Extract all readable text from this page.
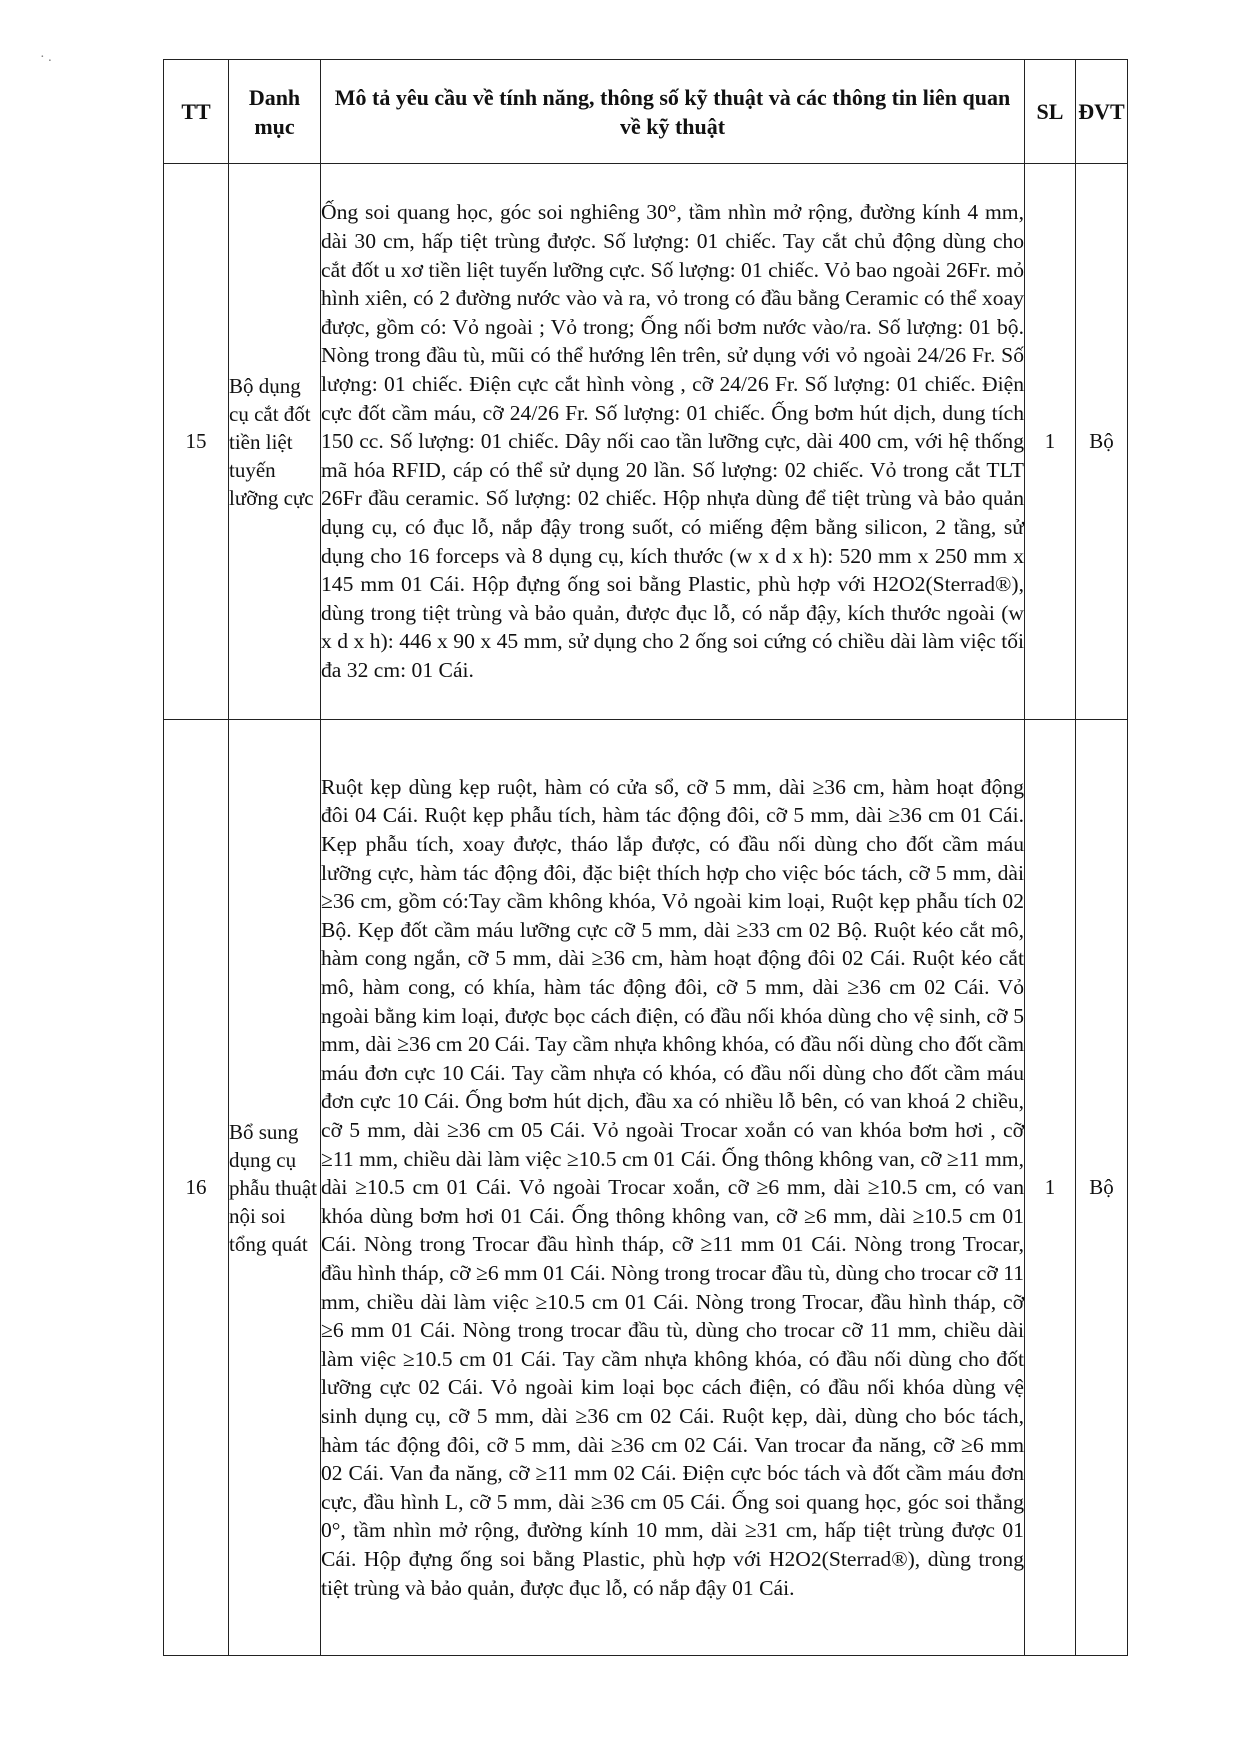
· .
TT	Danh mục	Mô tả yêu cầu về tính năng, thông số kỹ thuật và các thông tin liên quan về kỹ thuật	SL	ĐVT
15	Bộ dụng cụ cắt đốt tiền liệt tuyến lưỡng cực	Ống soi quang học, góc soi nghiêng 30°, tầm nhìn mở rộng, đường kính 4 mm, dài 30 cm, hấp tiệt trùng được. Số lượng: 01 chiếc. Tay cắt chủ động dùng cho cắt đốt u xơ tiền liệt tuyến lưỡng cực. Số lượng: 01 chiếc. Vỏ bao ngoài 26Fr. mỏ hình xiên, có 2 đường nước vào và ra, vỏ trong có đầu bằng Ceramic có thể xoay được, gồm có: Vỏ ngoài ; Vỏ trong; Ống nối bơm nước vào/ra. Số lượng: 01 bộ. Nòng trong đầu tù, mũi có thể hướng lên trên, sử dụng với vỏ ngoài 24/26 Fr. Số lượng: 01 chiếc. Điện cực cắt hình vòng , cỡ 24/26 Fr. Số lượng: 01 chiếc. Điện cực đốt cầm máu, cỡ 24/26 Fr. Số lượng: 01 chiếc. Ống bơm hút dịch, dung tích 150 cc. Số lượng: 01 chiếc. Dây nối cao tần lưỡng cực, dài 400 cm, với hệ thống mã hóa RFID, cáp có thể sử dụng 20 lần. Số lượng: 02 chiếc. Vỏ trong cắt TLT 26Fr đầu ceramic. Số lượng: 02 chiếc. Hộp nhựa dùng để tiệt trùng và bảo quản dụng cụ, có đục lỗ, nắp đậy trong suốt, có miếng đệm bằng silicon, 2 tầng, sử dụng cho 16 forceps và 8 dụng cụ, kích thước (w x d x h): 520 mm x 250 mm x 145 mm 01 Cái. Hộp đựng ống soi bằng Plastic, phù hợp với H2O2(Sterrad®), dùng trong tiệt trùng và bảo quản, được đục lỗ, có nắp đậy, kích thước ngoài (w x d x h): 446 x 90 x 45 mm, sử dụng cho 2 ống soi cứng có chiều dài làm việc tối đa 32 cm: 01 Cái.	1	Bộ
16	Bổ sung dụng cụ phẫu thuật nội soi tổng quát	Ruột kẹp dùng kẹp ruột, hàm có cửa sổ, cỡ 5 mm, dài ≥36 cm, hàm hoạt động đôi 04 Cái. Ruột kẹp phẫu tích, hàm tác động đôi, cỡ 5 mm, dài ≥36 cm 01 Cái. Kẹp phẫu tích, xoay được, tháo lắp được, có đầu nối dùng cho đốt cầm máu lưỡng cực, hàm tác động đôi, đặc biệt thích hợp cho việc bóc tách, cỡ 5 mm, dài ≥36 cm, gồm có:Tay cầm không khóa, Vỏ ngoài kim loại, Ruột kẹp phẫu tích 02 Bộ. Kẹp đốt cầm máu lưỡng cực cỡ 5 mm, dài ≥33 cm 02 Bộ. Ruột kéo cắt mô, hàm cong ngắn, cỡ 5 mm, dài ≥36 cm, hàm hoạt động đôi 02 Cái. Ruột kéo cắt mô, hàm cong, có khía, hàm tác động đôi, cỡ 5 mm, dài ≥36 cm 02 Cái. Vỏ ngoài bằng kim loại, được bọc cách điện, có đầu nối khóa dùng cho vệ sinh, cỡ 5 mm, dài ≥36 cm 20 Cái. Tay cầm nhựa không khóa, có đầu nối dùng cho đốt cầm máu đơn cực 10 Cái. Tay cầm nhựa có khóa, có đầu nối dùng cho đốt cầm máu đơn cực 10 Cái. Ống bơm hút dịch, đầu xa có nhiều lỗ bên, có van khoá 2 chiều, cỡ 5 mm, dài ≥36 cm 05 Cái. Vỏ ngoài Trocar xoắn có van khóa bơm hơi , cỡ ≥11 mm, chiều dài làm việc ≥10.5 cm 01 Cái. Ống thông không van, cỡ ≥11 mm, dài ≥10.5 cm 01 Cái. Vỏ ngoài Trocar xoắn, cỡ ≥6 mm, dài ≥10.5 cm, có van khóa dùng bơm hơi 01 Cái. Ống thông không van, cỡ ≥6 mm, dài ≥10.5 cm 01 Cái. Nòng trong Trocar đầu hình tháp, cỡ ≥11 mm 01 Cái. Nòng trong Trocar, đầu hình tháp, cỡ ≥6 mm 01 Cái. Nòng trong trocar đầu tù, dùng cho trocar cỡ 11 mm, chiều dài làm việc ≥10.5 cm 01 Cái. Nòng trong Trocar, đầu hình tháp, cỡ ≥6 mm 01 Cái. Nòng trong trocar đầu tù, dùng cho trocar cỡ 11 mm, chiều dài làm việc ≥10.5 cm 01 Cái. Tay cầm nhựa không khóa, có đầu nối dùng cho đốt lưỡng cực 02 Cái. Vỏ ngoài kim loại bọc cách điện, có đầu nối khóa dùng vệ sinh dụng cụ, cỡ 5 mm, dài ≥36 cm 02 Cái. Ruột kẹp, dài, dùng cho bóc tách, hàm tác động đôi, cỡ 5 mm, dài ≥36 cm 02 Cái. Van trocar đa năng, cỡ ≥6 mm 02 Cái. Van đa năng, cỡ ≥11 mm 02 Cái. Điện cực bóc tách và đốt cầm máu đơn cực, đầu hình L, cỡ 5 mm, dài ≥36 cm 05 Cái. Ống soi quang học, góc soi thẳng 0°, tầm nhìn mở rộng, đường kính 10 mm, dài ≥31 cm, hấp tiệt trùng được 01 Cái. Hộp đựng ống soi bằng Plastic, phù hợp với H2O2(Sterrad®), dùng trong tiệt trùng và bảo quản, được đục lỗ, có nắp đậy 01 Cái.	1	Bộ
